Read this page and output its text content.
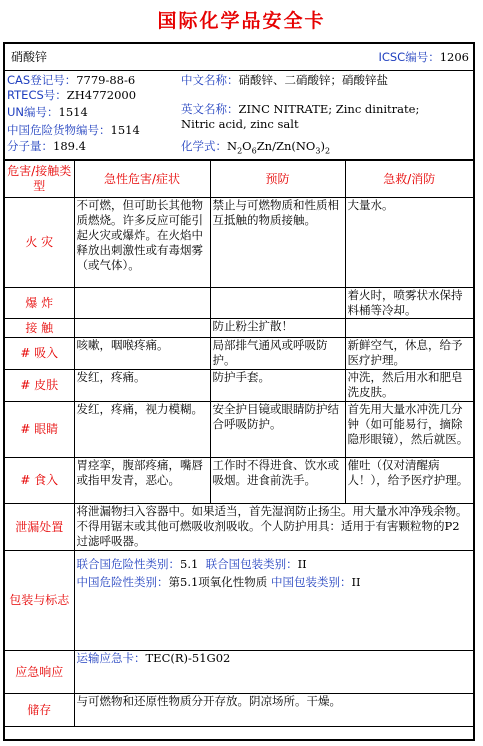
国际化学品安全卡
硝酸锌	ICSC编号：1206
CAS登记号：7779-88-6
RTECS号：ZH4772000
UN编号：1514
中国危险货物编号：1514
分子量：189.4
中文名称：硝酸锌、二硝酸锌；硝酸锌盐
英文名称：ZINC NITRATE; Zinc dinitrate;
Nitric acid, zinc salt
化学式：$N_2O_6Zn/Zn(NO_3)_2$
危害/接触类型	急性危害/症状	预防	急救/消防
火 灾	不可燃，但可助长其他物质燃烧。许多反应可能引起火灾或爆炸。在火焰中释放出刺激性或有毒烟雾（或气体）。	禁止与可燃物质和性质相互抵触的物质接触。	大量水。
爆 炸			着火时，喷雾状水保持料桶等冷却。
接 触		防止粉尘扩散！	
# 吸入	咳嗽，咽喉疼痛。	局部排气通风或呼吸防护。	新鲜空气，休息，给予医疗护理。
# 皮肤	发红，疼痛。	防护手套。	冲洗，然后用水和肥皂洗皮肤。
# 眼睛	发红，疼痛，视力模糊。	安全护目镜或眼睛防护结合呼吸防护。	首先用大量水冲洗几分钟（如可能易行，摘除隐形眼镜），然后就医。
# 食入	胃痉挛，腹部疼痛，嘴唇或指甲发青，恶心。	工作时不得进食、饮水或吸烟。进食前洗手。	催吐（仅对清醒病人！），给予医疗护理。
泄漏处置	将泄漏物扫入容器中。如果适当，首先湿润防止扬尘。用大量水冲净残余物。不得用锯末或其他可燃吸收剂吸收。个人防护用具：适用于有害颗粒物的P2过滤呼吸器。		
包装与标志	联合国危险性类别：5.1 联合国包装类别：II
中国危险性类别：第5.1项氧化性物质 中国包装类别：II		

应急响应	运输应急卡：TEC(R)-51G02		
储存	与可燃物和还原性物质分开存放。阴凉场所。干燥。		
